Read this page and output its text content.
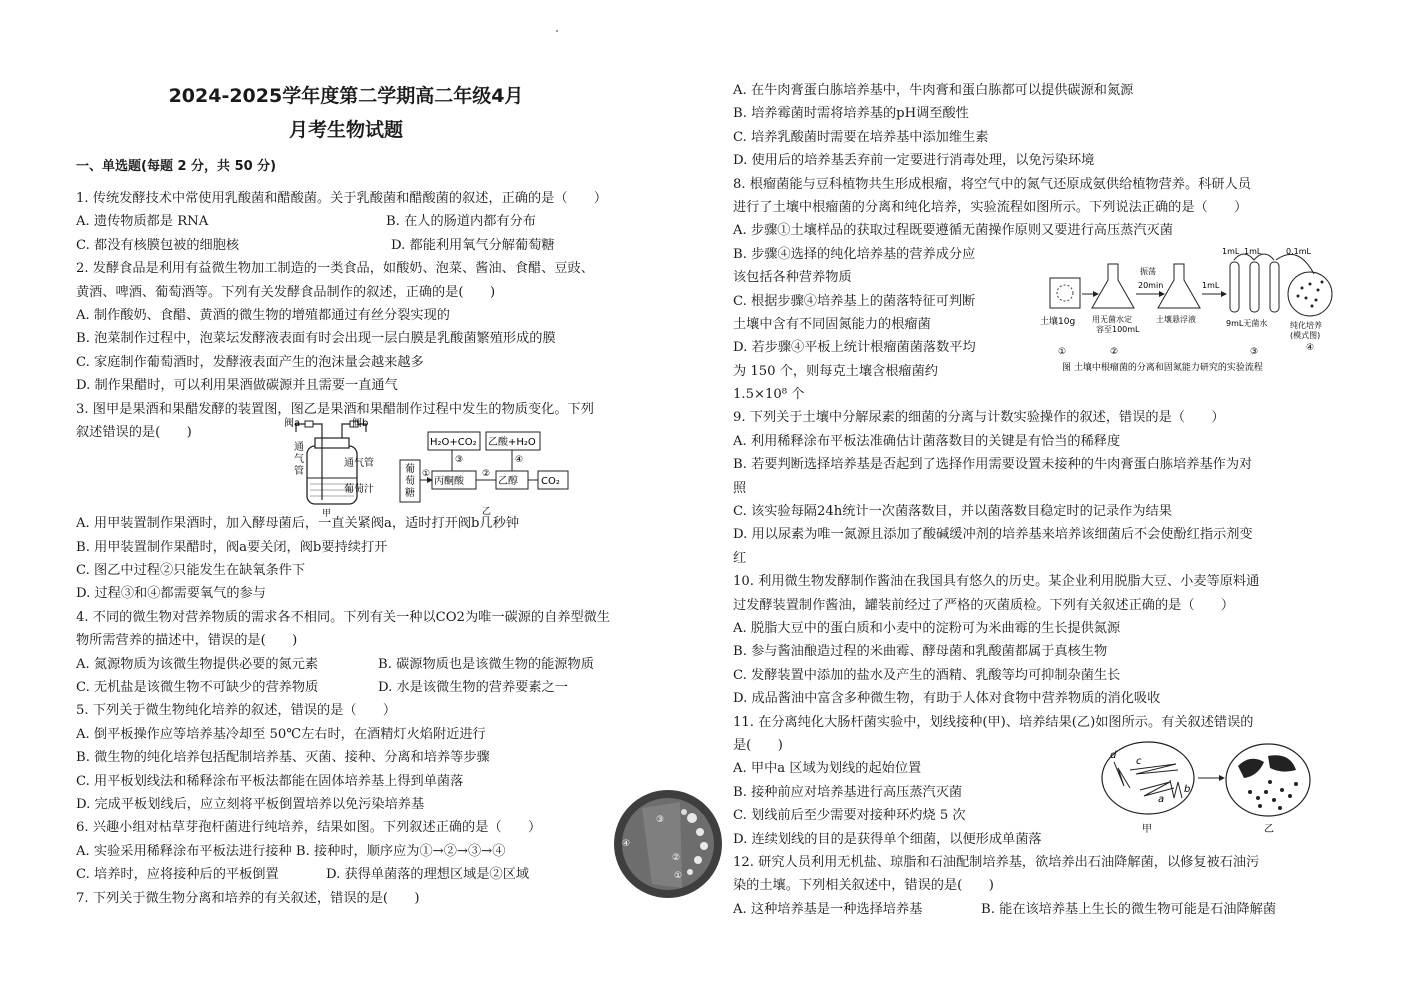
2024-2025学年度第二学期高二年级4月
月考生物试题
一、单选题(每题 2 分，共 50 分)
1. 传统发酵技术中常使用乳酸菌和醋酸菌。关于乳酸菌和醋酸菌的叙述，正确的是（　　）
A. 遗传物质都是 RNA	B. 在人的肠道内都有分布
C. 都没有核膜包被的细胞核	D. 都能利用氧气分解葡萄糖
2. 发酵食品是利用有益微生物加工制造的一类食品，如酸奶、泡菜、酱油、食醋、豆豉、
黄酒、啤酒、葡萄酒等。下列有关发酵食品制作的叙述，正确的是(　　)
A. 制作酸奶、食醋、黄酒的微生物的增殖都通过有丝分裂实现的
B. 泡菜制作过程中，泡菜坛发酵液表面有时会出现一层白膜是乳酸菌繁殖形成的膜
C. 家庭制作葡萄酒时，发酵液表面产生的泡沫量会越来越多
D. 制作果醋时，可以利用果酒做碳源并且需要一直通气
3. 图甲是果酒和果醋发酵的装置图，图乙是果酒和果醋制作过程中发生的物质变化。下列
叙述错误的是(　　)
A. 用甲装置制作果酒时，加入酵母菌后，一直关紧阀a，适时打开阀b几秒钟
B. 用甲装置制作果醋时，阀a要关闭，阀b要持续打开
C. 图乙中过程②只能发生在缺氧条件下
D. 过程③和④都需要氧气的参与
4. 不同的微生物对营养物质的需求各不相同。下列有关一种以CO2为唯一碳源的自养型微生
物所需营养的描述中，错误的是(　　)
A. 氮源物质为该微生物提供必要的氮元素	B. 碳源物质也是该微生物的能源物质
C. 无机盐是该微生物不可缺少的营养物质	D. 水是该微生物的营养要素之一
5. 下列关于微生物纯化培养的叙述，错误的是（　　）
A. 倒平板操作应等培养基冷却至 50℃左右时，在酒精灯火焰附近进行
B. 微生物的纯化培养包括配制培养基、灭菌、接种、分离和培养等步骤
C. 用平板划线法和稀释涂布平板法都能在固体培养基上得到单菌落
D. 完成平板划线后，应立刻将平板倒置培养以免污染培养基
6. 兴趣小组对枯草芽孢杆菌进行纯培养，结果如图。下列叙述正确的是（　　）
A. 实验采用稀释涂布平板法进行接种 B. 接种时，顺序应为①→②→③→④
C. 培养时，应将接种后的平板倒置	D. 获得单菌落的理想区域是②区域
7. 下列关于微生物分离和培养的有关叙述，错误的是(　　)
阀a	阀b
通 气 管
通气管
葡萄汁
甲
葡
萄
糖
①
丙酮酸
②
乙醇 CO₂
H₂O+CO₂
③
乙酸+H₂O
④
乙
④
③
②
①
A. 在牛肉膏蛋白胨培养基中，牛肉膏和蛋白胨都可以提供碳源和氮源
B. 培养霉菌时需将培养基的pH调至酸性
C. 培养乳酸菌时需要在培养基中添加维生素
D. 使用后的培养基丢弃前一定要进行消毒处理，以免污染环境
8. 根瘤菌能与豆科植物共生形成根瘤，将空气中的氮气还原成氨供给植物营养。科研人员
进行了土壤中根瘤菌的分离和纯化培养，实验流程如图所示。下列说法正确的是（　　）
A. 步骤①土壤样品的获取过程既要遵循无菌操作原则又要进行高压蒸汽灭菌
B. 步骤④选择的纯化培养基的营养成分应
该包括各种营养物质
C. 根据步骤④培养基上的菌落特征可判断
土壤中含有不同固氮能力的根瘤菌
D. 若步骤④平板上统计根瘤菌菌落数平均
为 150 个，则每克土壤含根瘤菌约
1.5×10⁸ 个
9. 下列关于土壤中分解尿素的细菌的分离与计数实验操作的叙述，错误的是（　　）
A. 利用稀释涂布平板法准确估计菌落数目的关键是有恰当的稀释度
B. 若要判断选择培养基是否起到了选择作用需要设置未接种的牛肉膏蛋白胨培养基作为对
照
C. 该实验每隔24h统计一次菌落数目，并以菌落数目稳定时的记录作为结果
D. 用以尿素为唯一氮源且添加了酸碱缓冲剂的培养基来培养该细菌后不会使酚红指示剂变
红
10. 利用微生物发酵制作酱油在我国具有悠久的历史。某企业利用脱脂大豆、小麦等原料通
过发酵装置制作酱油，罐装前经过了严格的灭菌质检。下列有关叙述正确的是（　　）
A. 脱脂大豆中的蛋白质和小麦中的淀粉可为米曲霉的生长提供氮源
B. 参与酱油酿造过程的米曲霉、酵母菌和乳酸菌都属于真核生物
C. 发酵装置中添加的盐水及产生的酒精、乳酸等均可抑制杂菌生长
D. 成品酱油中富含多种微生物，有助于人体对食物中营养物质的消化吸收
11. 在分离纯化大肠杆菌实验中，划线接种(甲)、培养结果(乙)如图所示。有关叙述错误的
是(　　)
A. 甲中a 区域为划线的起始位置
B. 接种前应对培养基进行高压蒸汽灭菌
C. 划线前后至少需要对接种环灼烧 5 次
D. 连续划线的目的是获得单个细菌，以便形成单菌落
12. 研究人员利用无机盐、琼脂和石油配制培养基，欲培养出石油降解菌，以修复被石油污
染的土壤。下列相关叙述中，错误的是(　　)
A. 这种培养基是一种选择培养基	B. 能在该培养基上生长的微生物可能是石油降解菌
土壤10g
①
用无菌水定
容至100mL
②
振荡
20min
土壤悬浮液
1mL
1mL 1mL	0.1mL
9mL无菌水
③
纯化培养
(模式图)
④
图 土壤中根瘤菌的分离和固氮能力研究的实验流程
d
c
a
b
甲	乙
